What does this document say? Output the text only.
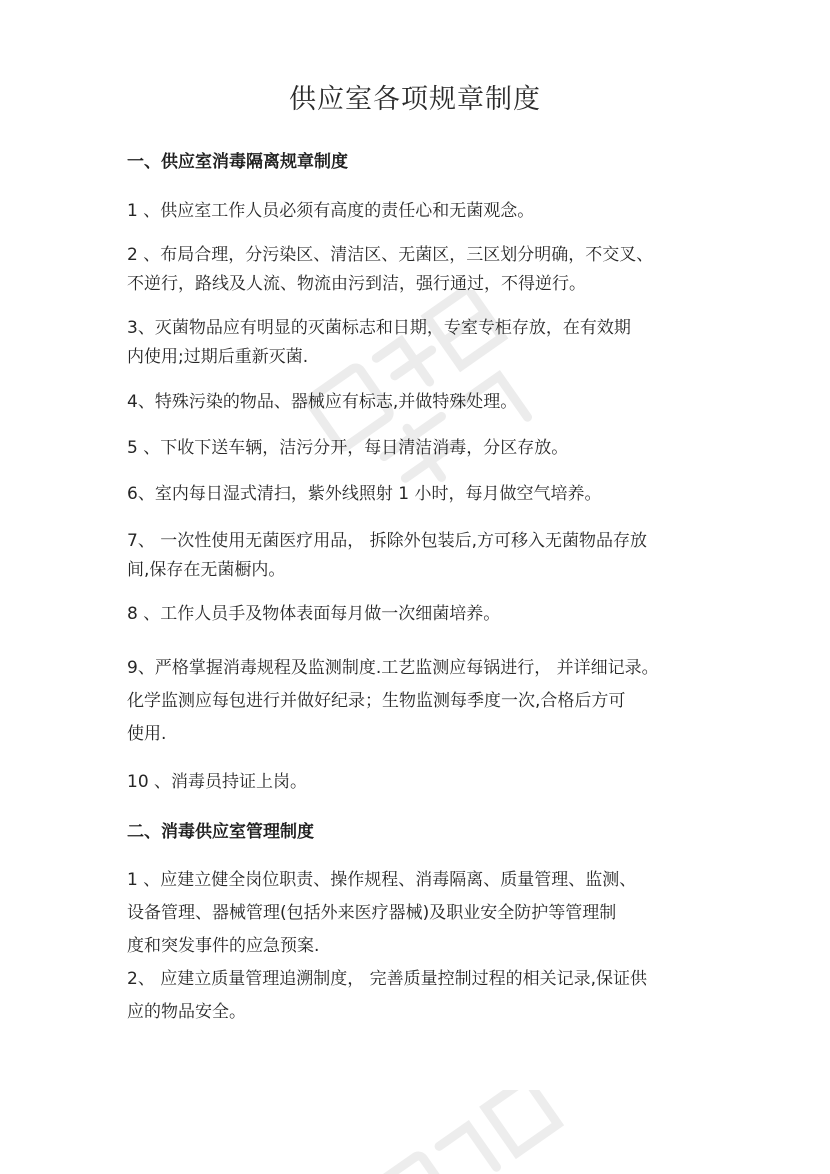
供应室各项规章制度
一、供应室消毒隔离规章制度
1 、供应室工作人员必须有高度的责任心和无菌观念。
2 、布局合理，分污染区、清洁区、无菌区，三区划分明确，不交叉、
不逆行，路线及人流、物流由污到洁，强行通过，不得逆行。
3、灭菌物品应有明显的灭菌标志和日期，专室专柜存放，在有效期
内使用;过期后重新灭菌.
4、特殊污染的物品、器械应有标志,并做特殊处理。
5 、下收下送车辆，洁污分开，每日清洁消毒，分区存放。
6、室内每日湿式清扫，紫外线照射 1 小时，每月做空气培养。
7、 一次性使用无菌医疗用品， 拆除外包装后,方可移入无菌物品存放
间,保存在无菌橱内。
8 、工作人员手及物体表面每月做一次细菌培养。
9、严格掌握消毒规程及监测制度.工艺监测应每锅进行， 并详细记录。
化学监测应每包进行并做好纪录；生物监测每季度一次,合格后方可
使用.
10 、消毒员持证上岗。
二、消毒供应室管理制度
1 、应建立健全岗位职责、操作规程、消毒隔离、质量管理、监测、
设备管理、器械管理(包括外来医疗器械)及职业安全防护等管理制
度和突发事件的应急预案.
2、 应建立质量管理追溯制度， 完善质量控制过程的相关记录,保证供
应的物品安全。
